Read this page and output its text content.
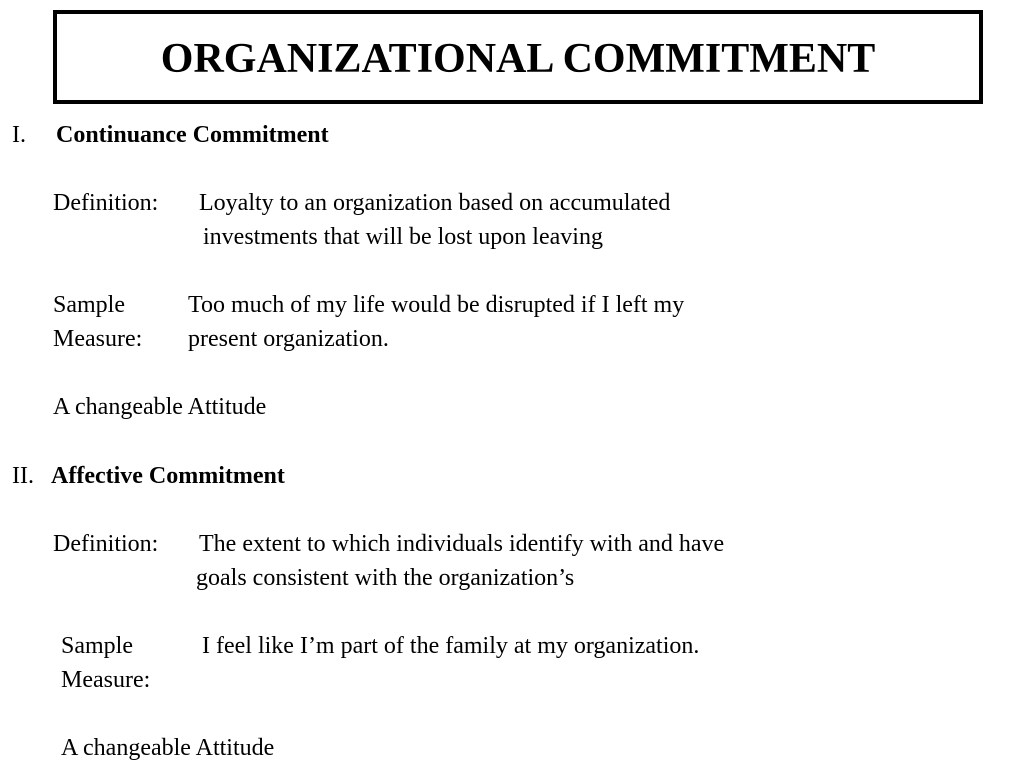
ORGANIZATIONAL COMMITMENT
I. Continuance Commitment
Definition: Loyalty to an organization based on accumulated
investments that will be lost upon leaving
Sample
Measure:
Too much of my life would be disrupted if I left my
present organization.
A changeable Attitude
II. Affective Commitment
Definition: The extent to which individuals identify with and have
goals consistent with the organization’s
Sample
Measure:
I feel like I’m part of the family at my organization.
A changeable Attitude
